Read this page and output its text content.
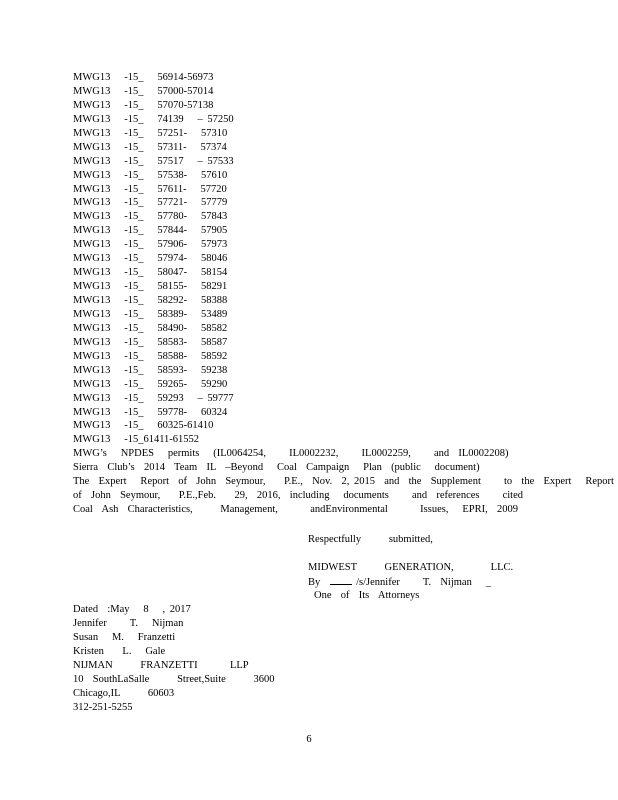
MWG13   -15_   56914-56973
MWG13   -15_   57000-57014
MWG13   -15_   57070-57138
MWG13   -15_   74139   – 57250
MWG13   -15_   57251-   57310
MWG13   -15_   57311-   57374
MWG13   -15_   57517   – 57533
MWG13   -15_   57538-   57610
MWG13   -15_   57611-   57720
MWG13   -15_   57721-   57779
MWG13   -15_   57780-   57843
MWG13   -15_   57844-   57905
MWG13   -15_   57906-   57973
MWG13   -15_   57974-   58046
MWG13   -15_   58047-   58154
MWG13   -15_   58155-   58291
MWG13   -15_   58292-   58388
MWG13   -15_   58389-   53489
MWG13   -15_   58490-   58582
MWG13   -15_   58583-   58587
MWG13   -15_   58588-   58592
MWG13   -15_   58593-   59238
MWG13   -15_   59265-   59290
MWG13   -15_   59293   – 59777
MWG13   -15_   59778-   60324
MWG13   -15_   60325-61410
MWG13   -15_61411-61552
MWG’s   NPDES   permits   (IL0064254,     IL0002232,     IL0002259,     and  IL0002208)
Sierra  Club’s  2014  Team  IL  –Beyond   Coal  Campaign   Plan  (public   document)
The  Expert   Report  of  John  Seymour,    P.E.,  Nov.  2, 2015  and  the  Supplement     to  the  Expert   Report
of  John  Seymour,    P.E.,Feb.    29,  2016,  including   documents     and  references     cited
Coal  Ash  Characteristics,      Management,       andEnvironmental       Issues,   EPRI,  2009
Respectfully      submitted,
MIDWEST      GENERATION,        LLC.
By	/s/Jennifer     T.  Nijman _
One  of  Its  Attorneys
Dated  :May   8   , 2017
Jennifer     T.   Nijman
Susan   M.   Franzetti
Kristen    L.   Gale
NIJMAN      FRANZETTI       LLP
10  SouthLaSalle      Street,Suite      3600
Chicago,IL      60603
312-251-5255
6
